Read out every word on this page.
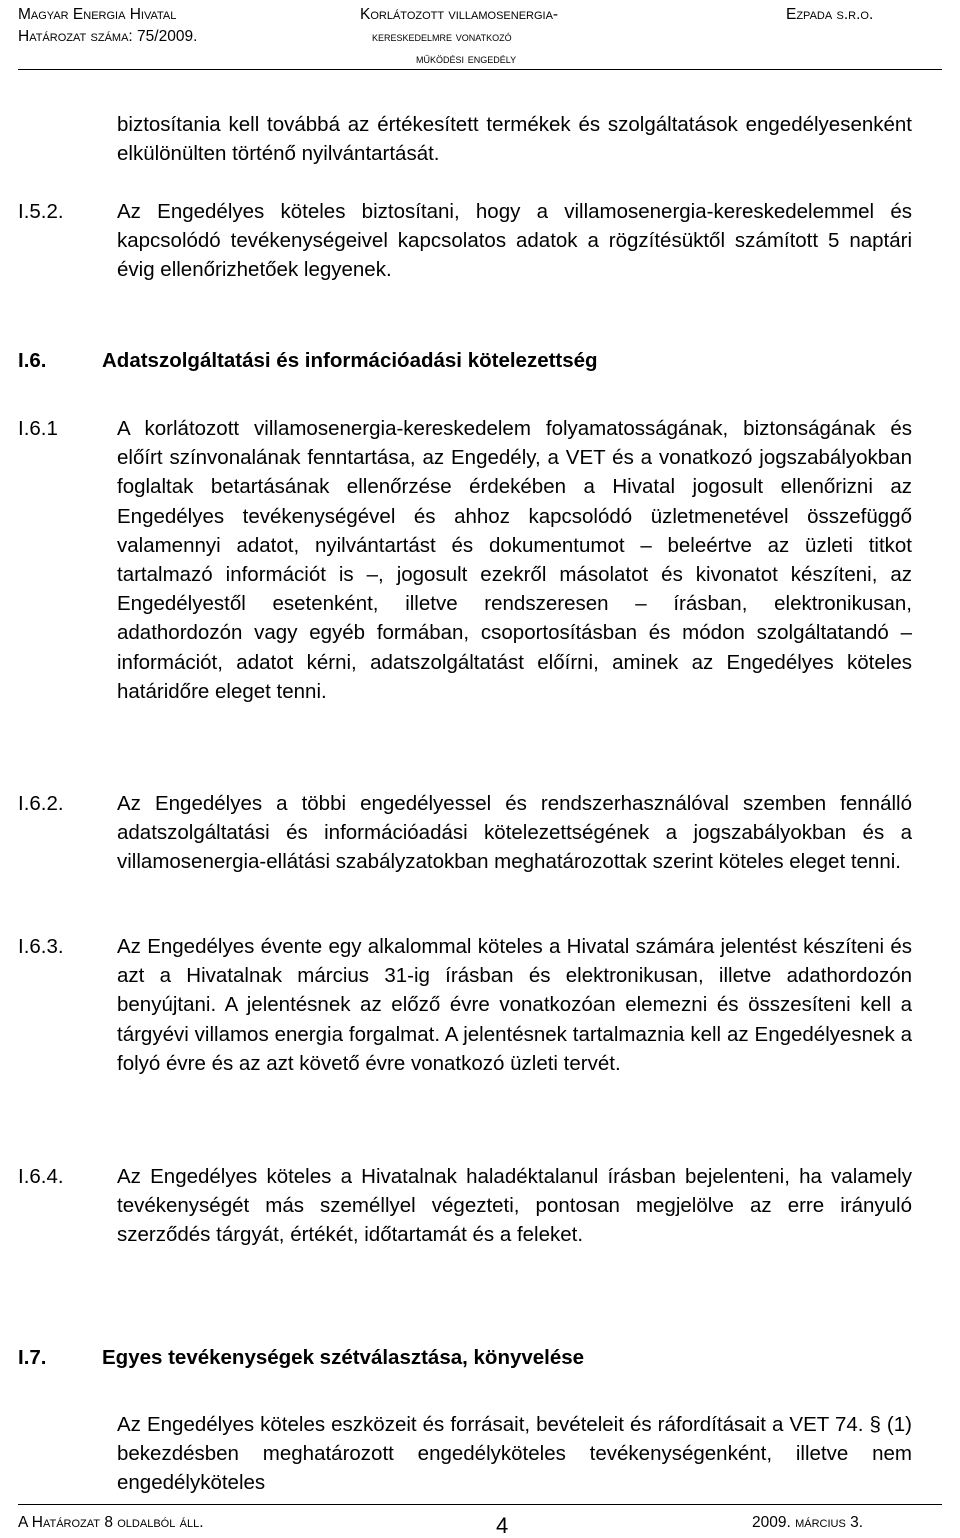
Magyar Energia Hivatal
Határozat száma: 75/2009.
Korlátozott villamosenergia-
kereskedelmre vonatkozó
működési engedély
Ezpada s.r.o.
biztosítania kell továbbá az értékesített termékek és szolgáltatások engedélyesenként elkülönülten történő nyilvántartását.
I.5.2.	Az Engedélyes köteles biztosítani, hogy a villamosenergia-kereskedelemmel és kapcsolódó tevékenységeivel kapcsolatos adatok a rögzítésüktől számított 5 naptári évig ellenőrizhetőek legyenek.
I.6.	Adatszolgáltatási és információadási kötelezettség
I.6.1	A korlátozott villamosenergia-kereskedelem folyamatosságának, biztonságának és előírt színvonalának fenntartása, az Engedély, a VET és a vonatkozó jogszabályokban foglaltak betartásának ellenőrzése érdekében a Hivatal jogosult ellenőrizni az Engedélyes tevékenységével és ahhoz kapcsolódó üzletmenetével összefüggő valamennyi adatot, nyilvántartást és dokumentumot – beleértve az üzleti titkot tartalmazó információt is –, jogosult ezekről másolatot és kivonatot készíteni, az Engedélyestől esetenként, illetve rendszeresen – írásban, elektronikusan, adathordozón vagy egyéb formában, csoportosításban és módon szolgáltatandó – információt, adatot kérni, adatszolgáltatást előírni, aminek az Engedélyes köteles határidőre eleget tenni.
I.6.2.	Az Engedélyes a többi engedélyessel és rendszerhasználóval szemben fennálló adatszolgáltatási és információadási kötelezettségének a jogszabályokban és a villamosenergia-ellátási szabályzatokban meghatározottak szerint köteles eleget tenni.
I.6.3.	Az Engedélyes évente egy alkalommal köteles a Hivatal számára jelentést készíteni és azt a Hivatalnak március 31-ig írásban és elektronikusan, illetve adathordozón benyújtani. A jelentésnek az előző évre vonatkozóan elemezni és összesíteni kell a tárgyévi villamos energia forgalmat. A jelentésnek tartalmaznia kell az Engedélyesnek a folyó évre és az azt követő évre vonatkozó üzleti tervét.
I.6.4.	Az Engedélyes köteles a Hivatalnak haladéktalanul írásban bejelenteni, ha valamely tevékenységét más személlyel végezteti, pontosan megjelölve az erre irányuló szerződés tárgyát, értékét, időtartamát és a feleket.
I.7.	Egyes tevékenységek szétválasztása, könyvelése
Az Engedélyes köteles eszközeit és forrásait, bevételeit és ráfordításait a VET 74. § (1) bekezdésben meghatározott engedélyköteles tevékenységenként, illetve nem engedélyköteles
A Határozat 8 oldalból áll.	4	2009. március 3.
